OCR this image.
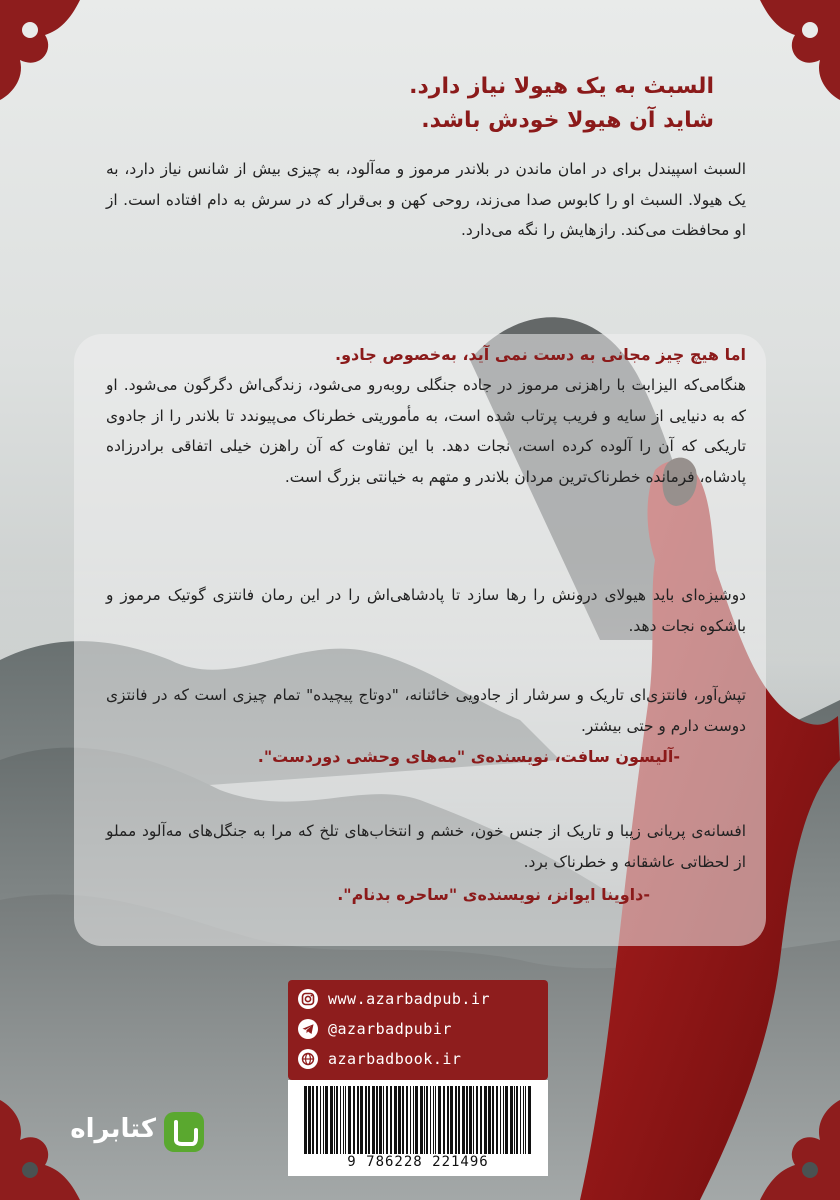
السبث به یک هیولا نیاز دارد.
شاید آن هیولا خودش باشد.
السبث اسپیندل برای در امان ماندن در بلاندر مرموز و مه‌آلود، به چیزی بیش از شانس نیاز دارد، به یک هیولا. السبث او را کابوس صدا می‌زند، روحی کهن و بی‌قرار که در سرش به دام افتاده است. از او محافظت می‌کند. رازهایش را نگه می‌دارد.
اما هیچ چیز مجانی به دست نمی آید، به‌خصوص جادو.
هنگامی‌که الیزابت با راهزنی مرموز در جاده جنگلی روبه‌رو می‌شود، زندگی‌اش دگرگون می‌شود. او که به دنیایی از سایه و فریب پرتاب شده است، به مأموریتی خطرناک می‌پیوندد تا بلاندر را از جادوی تاریکی که آن را آلوده کرده است، نجات دهد. با این تفاوت که آن راهزن خیلی اتفاقی برادرزاده پادشاه، فرمانده خطرناک‌ترین مردان بلاندر و متهم به خیانتی بزرگ است.
دوشیزه‌ای باید هیولای درونش را رها سازد تا پادشاهی‌اش را در این رمان فانتزی گوتیک مرموز و باشکوه نجات دهد.
تپش‌آور، فانتزی‌ای تاریک و سرشار از جادویی خائنانه، "دوتاج پیچیده" تمام چیزی است که در فانتزی دوست دارم و حتی بیشتر.
-آلیسون سافت، نویسنده‌ی "مه‌های وحشی دوردست".
افسانه‌ی پریانی زیبا و تاریک از جنس خون، خشم و انتخاب‌های تلخ که مرا به جنگل‌های مه‌آلود مملو از لحظاتی عاشقانه و خطرناک برد.
-داوینا ایوانز، نویسنده‌ی "ساحره بدنام".
www.azarbadpub.ir
@azarbadpubir
azarbadbook.ir
9 786228 221496
کتابراه
